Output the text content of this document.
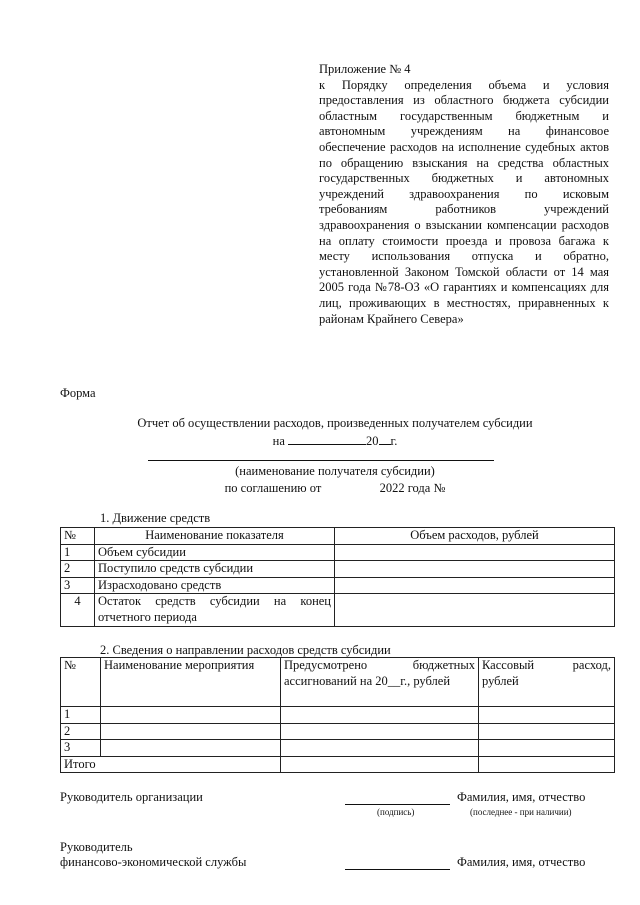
Приложение № 4

к Порядку определения объема и условия предоставления из областного бюджета субсидии областным государственным бюджетным и автономным учреждениям на финансовое обеспечение расходов на исполнение судебных актов по обращению взыскания на средства областных государственных бюджетных и автономных учреждений здравоохранения по исковым требованиям работников учреждений здравоохранения о взыскании компенсации расходов на оплату стоимости проезда и провоза багажа к месту использования отпуска и обратно, установленной Законом Томской области от 14 мая 2005 года №78-ОЗ «О гарантиях и компенсациях для лиц, проживающих в местностях, приравненных к районам Крайнего Севера»

Форма
Отчет об осуществлении расходов, произведенных получателем субсидии
на	20 г.
(наименование получателя субсидии)
по соглашению от	2022 года №
1. Движение средств
№	Наименование показателя	Объем расходов, рублей
1	Объем субсидии	
2	Поступило средств субсидии	
3	Израсходовано средств	
4	Остаток средств субсидии на конец отчетного периода	
2. Сведения о направлении расходов средств субсидии
№	Наименование мероприятия	Предусмотрено бюджетных ассигнований на 20__г., рублей	Кассовый расход, рублей
1			
2			
3			
Итого			
Руководитель организации	Фамилия, имя, отчество
(подпись)	(последнее - при наличии)
Руководитель
финансово-экономической службы	Фамилия, имя, отчество
